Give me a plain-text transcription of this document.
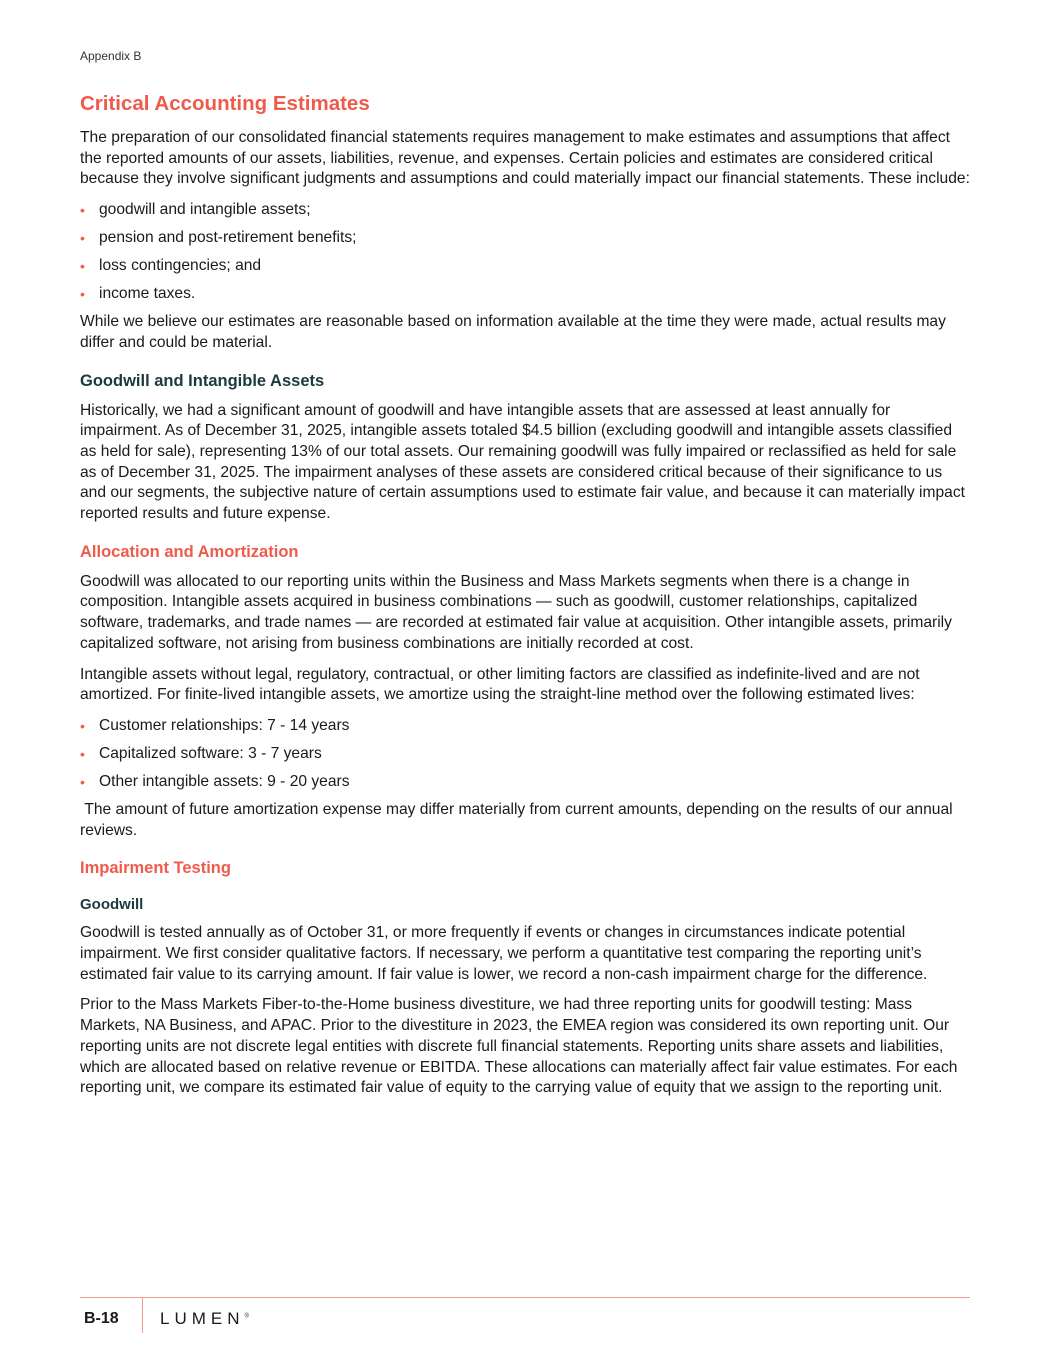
Appendix B
Critical Accounting Estimates

The preparation of our consolidated financial statements requires management to make estimates and assumptions that affect the reported amounts of our assets, liabilities, revenue, and expenses. Certain policies and estimates are considered critical because they involve significant judgments and assumptions and could materially impact our financial statements. These include:

• goodwill and intangible assets;
• pension and post-retirement benefits;
• loss contingencies; and
• income taxes.

While we believe our estimates are reasonable based on information available at the time they were made, actual results may differ and could be material.

Goodwill and Intangible Assets

Historically, we had a significant amount of goodwill and have intangible assets that are assessed at least annually for impairment. As of December 31, 2025, intangible assets totaled $4.5 billion (excluding goodwill and intangible assets classified as held for sale), representing 13% of our total assets. Our remaining goodwill was fully impaired or reclassified as held for sale as of December 31, 2025. The impairment analyses of these assets are considered critical because of their significance to us and our segments, the subjective nature of certain assumptions used to estimate fair value, and because it can materially impact reported results and future expense.

Allocation and Amortization

Goodwill was allocated to our reporting units within the Business and Mass Markets segments when there is a change in composition. Intangible assets acquired in business combinations — such as goodwill, customer relationships, capitalized software, trademarks, and trade names — are recorded at estimated fair value at acquisition. Other intangible assets, primarily capitalized software, not arising from business combinations are initially recorded at cost.

Intangible assets without legal, regulatory, contractual, or other limiting factors are classified as indefinite-lived and are not amortized. For finite-lived intangible assets, we amortize using the straight-line method over the following estimated lives:

• Customer relationships: 7 - 14 years
• Capitalized software: 3 - 7 years
• Other intangible assets: 9 - 20 years

The amount of future amortization expense may differ materially from current amounts, depending on the results of our annual reviews.

Impairment Testing
Goodwill

Goodwill is tested annually as of October 31, or more frequently if events or changes in circumstances indicate potential impairment. We first consider qualitative factors. If necessary, we perform a quantitative test comparing the reporting unit’s estimated fair value to its carrying amount. If fair value is lower, we record a non-cash impairment charge for the difference.

Prior to the Mass Markets Fiber-to-the-Home business divestiture, we had three reporting units for goodwill testing: Mass Markets, NA Business, and APAC. Prior to the divestiture in 2023, the EMEA region was considered its own reporting unit. Our reporting units are not discrete legal entities with discrete full financial statements. Reporting units share assets and liabilities, which are allocated based on relative revenue or EBITDA. These allocations can materially affect fair value estimates. For each reporting unit, we compare its estimated fair value of equity to the carrying value of equity that we assign to the reporting unit.

B-18 LUMEN®
